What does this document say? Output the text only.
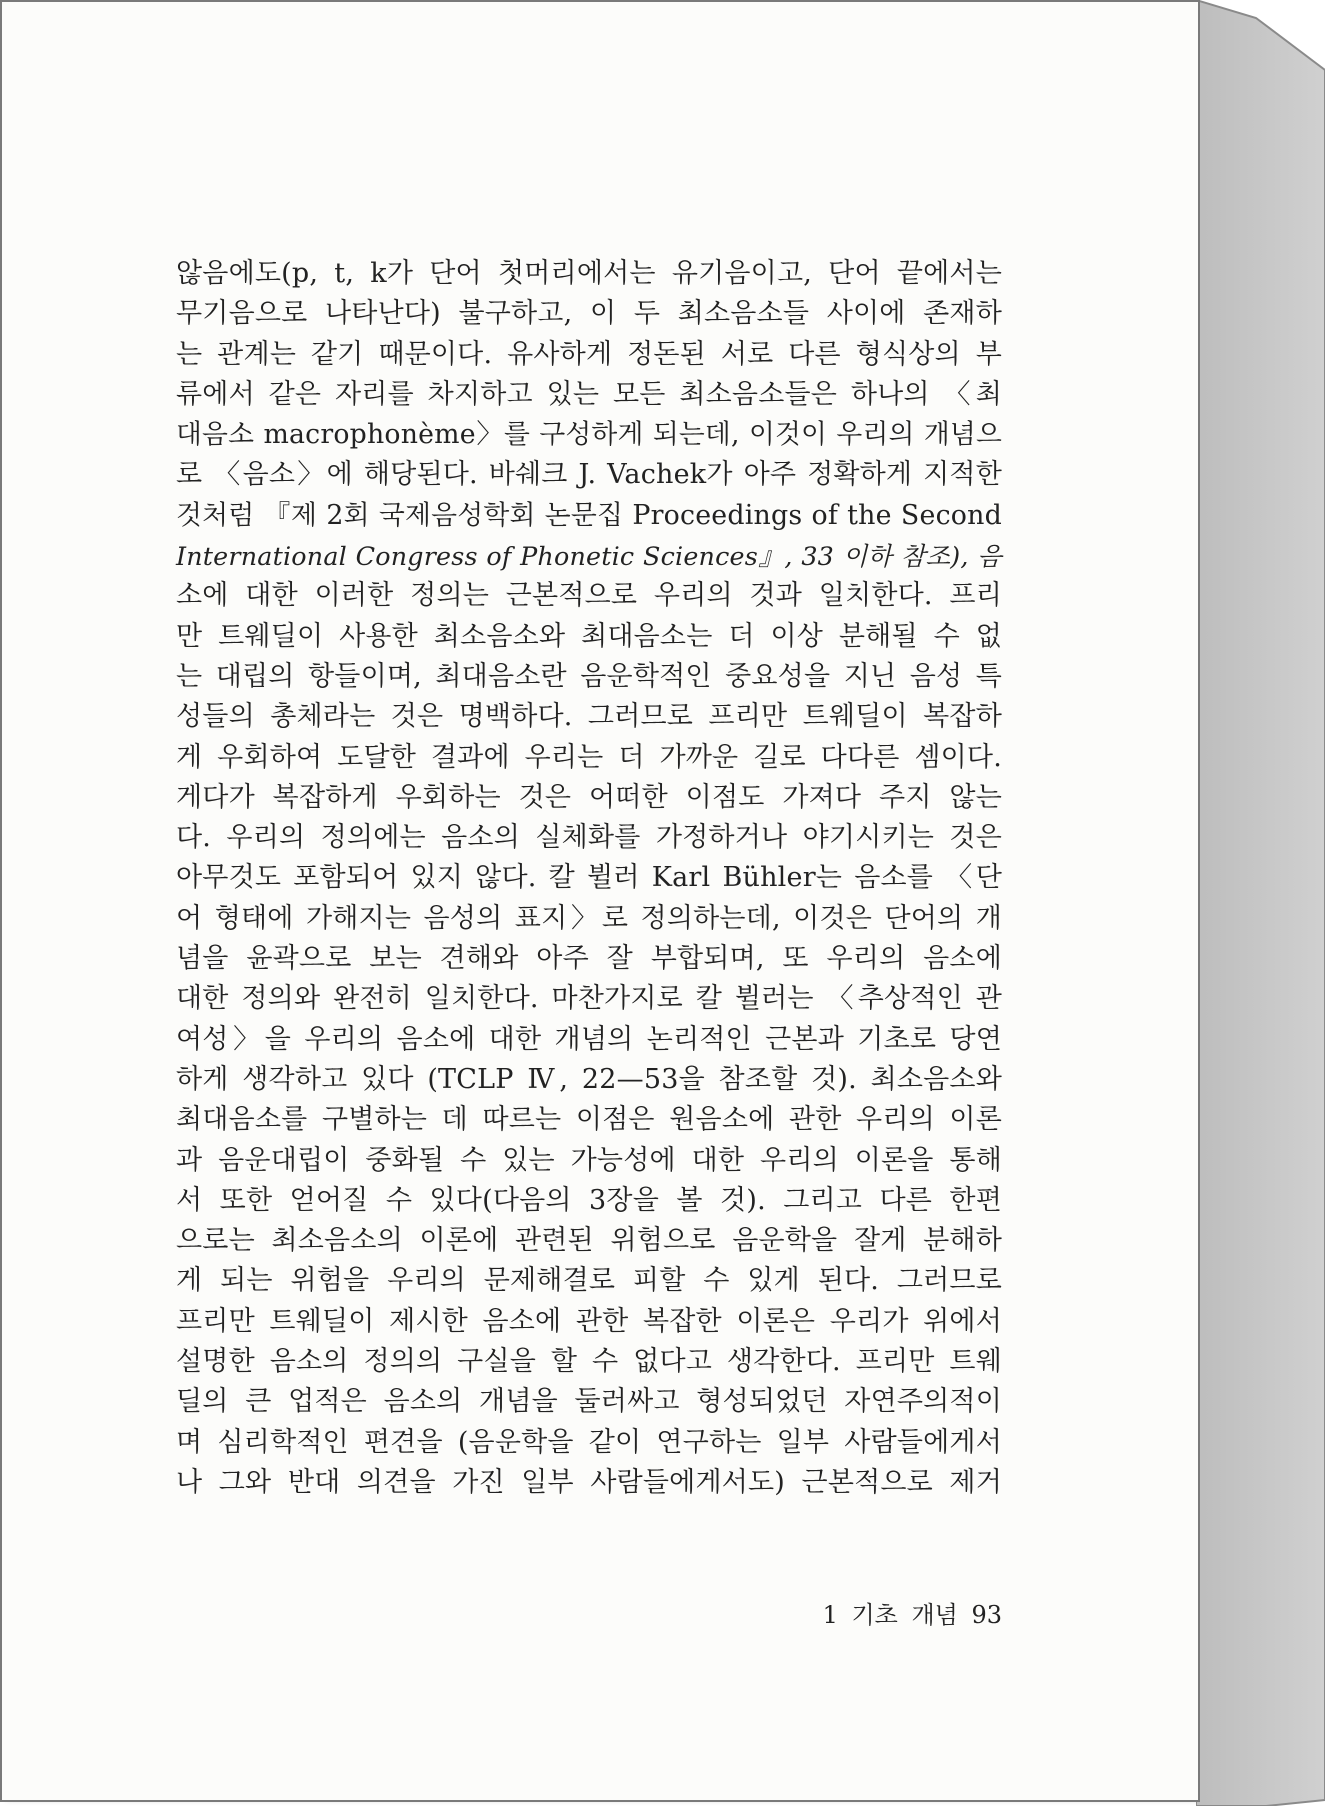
않음에도(p, t, k가 단어 첫머리에서는 유기음이고, 단어 끝에서는
무기음으로 나타난다) 불구하고, 이 두 최소음소들 사이에 존재하
는 관계는 같기 때문이다. 유사하게 정돈된 서로 다른 형식상의 부
류에서 같은 자리를 차지하고 있는 모든 최소음소들은 하나의 〈최
대음소 macrophonème〉를 구성하게 되는데, 이것이 우리의 개념으
로 〈음소〉에 해당된다. 바쉐크 J. Vachek가 아주 정확하게 지적한
것처럼 『제 2회 국제음성학회 논문집 Proceedings of the Second
International Congress of Phonetic Sciences』, 33 이하 참조), 음
소에 대한 이러한 정의는 근본적으로 우리의 것과 일치한다. 프리
만 트웨딜이 사용한 최소음소와 최대음소는 더 이상 분해될 수 없
는 대립의 항들이며, 최대음소란 음운학적인 중요성을 지닌 음성 특
성들의 총체라는 것은 명백하다. 그러므로 프리만 트웨딜이 복잡하
게 우회하여 도달한 결과에 우리는 더 가까운 길로 다다른 셈이다.
게다가 복잡하게 우회하는 것은 어떠한 이점도 가져다 주지 않는
다. 우리의 정의에는 음소의 실체화를 가정하거나 야기시키는 것은
아무것도 포함되어 있지 않다. 칼 뷜러 Karl Bühler는 음소를 〈단
어 형태에 가해지는 음성의 표지〉로 정의하는데, 이것은 단어의 개
념을 윤곽으로 보는 견해와 아주 잘 부합되며, 또 우리의 음소에
대한 정의와 완전히 일치한다. 마찬가지로 칼 뷜러는 〈추상적인 관
여성〉을 우리의 음소에 대한 개념의 논리적인 근본과 기초로 당연
하게 생각하고 있다 (TCLP Ⅳ, 22—53을 참조할 것). 최소음소와
최대음소를 구별하는 데 따르는 이점은 원음소에 관한 우리의 이론
과 음운대립이 중화될 수 있는 가능성에 대한 우리의 이론을 통해
서 또한 얻어질 수 있다(다음의 3장을 볼 것). 그리고 다른 한편
으로는 최소음소의 이론에 관련된 위험으로 음운학을 잘게 분해하
게 되는 위험을 우리의 문제해결로 피할 수 있게 된다. 그러므로
프리만 트웨딜이 제시한 음소에 관한 복잡한 이론은 우리가 위에서
설명한 음소의 정의의 구실을 할 수 없다고 생각한다. 프리만 트웨
딜의 큰 업적은 음소의 개념을 둘러싸고 형성되었던 자연주의적이
며 심리학적인 편견을 (음운학을 같이 연구하는 일부 사람들에게서
나 그와 반대 의견을 가진 일부 사람들에게서도) 근본적으로 제거
1 기초 개념 93
